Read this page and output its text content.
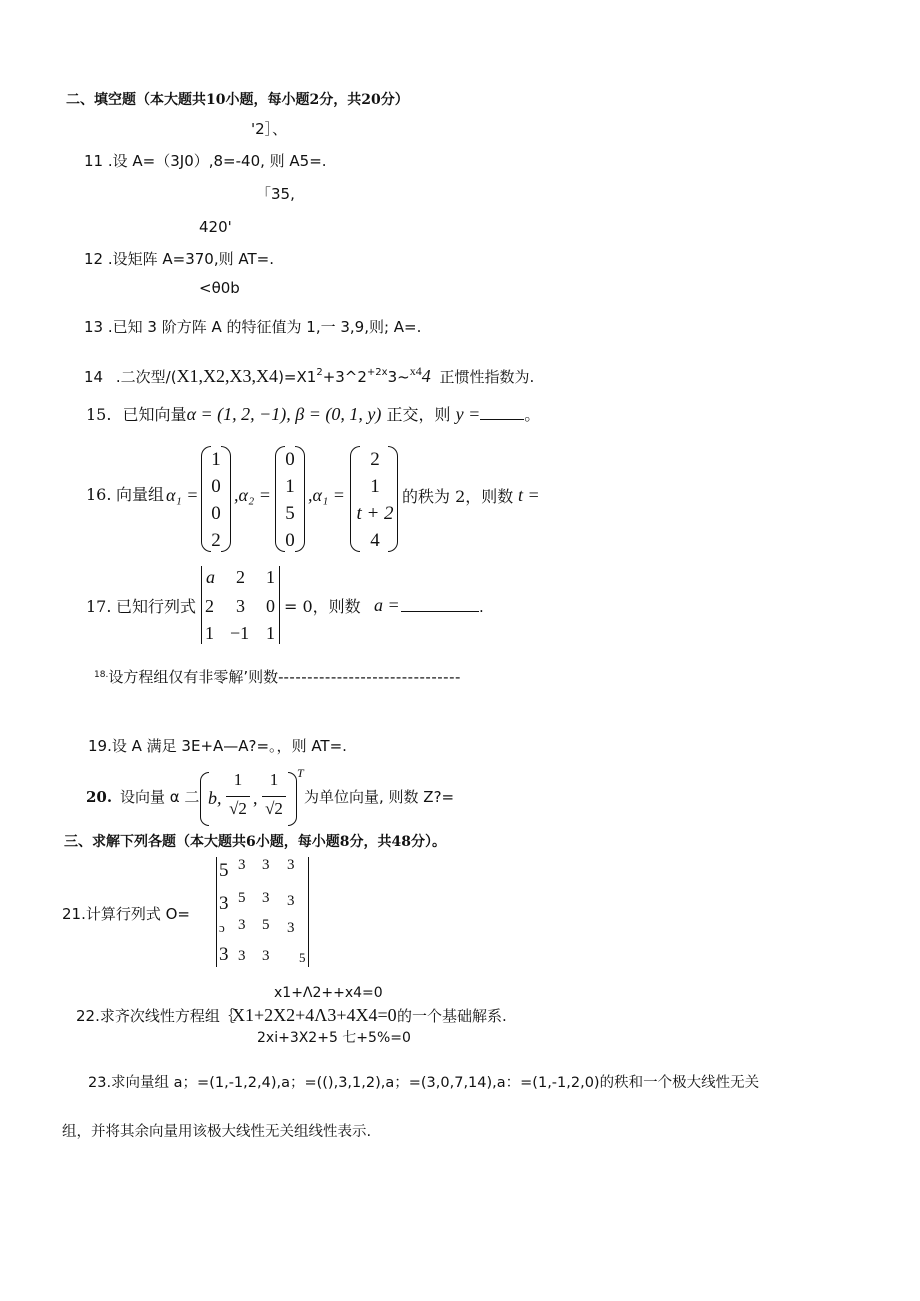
二、填空题（本大题共10小题，每小题2分，共20分）
'2］、
11 .设 A=（3J0）,8=-40, 则 A5=.
「35,
420'
12 .设矩阵 A=370,则 AT=.
<θ0b
13 .已知 3 阶方阵 A 的特征值为 1,一 3,9,则; A=.
14 .二次型$/(X1,X2,X3,X4)=X1^2+3\^{}2^{+2x}3\sim^{x4}4$ 正惯性指数为.
15. 已知向量α = (1, 2, −1), β = (0, 1, y) 正交，则 y =	。
16. 向量组 α₁ =
1
0
0
2
,α₂ =
0
1
5
0
,α₁ =
2
1
t + 2
4
的秩为 2，则数 t =
17. 已知行列式
a 2 1
2 3 0
1 −1 1
= 0，则数 a =	.
$^{18.}$设方程组仅有非零解’则数-------------------------------
19.设 A 满足 3E+A—A?=。，则 AT=.
20. 设向量 α 二 b,
1
√2
,
1
√2
T
为单位向量, 则数 Z?=
三、求解下列各题（本大题共6小题，每小题8分，共48分）。
21.计算行列式 O=
5 3 3 3
3 5 3 3
ɔ 3 5 3
3 3 3 5
x1+Λ2++x4=0
22.求齐次线性方程组｛
X1+2X2+4Λ3+4X4=0 的一个基础解系.
2xi+3X2+5 七+5%=0
23.求向量组 a；=(1,-1,2,4),a；=((),3,1,2),a；=(3,0,7,14),a：=(1,-1,2,0)的秩和一个极大线性无关
组，并将其余向量用该极大线性无关组线性表示.
